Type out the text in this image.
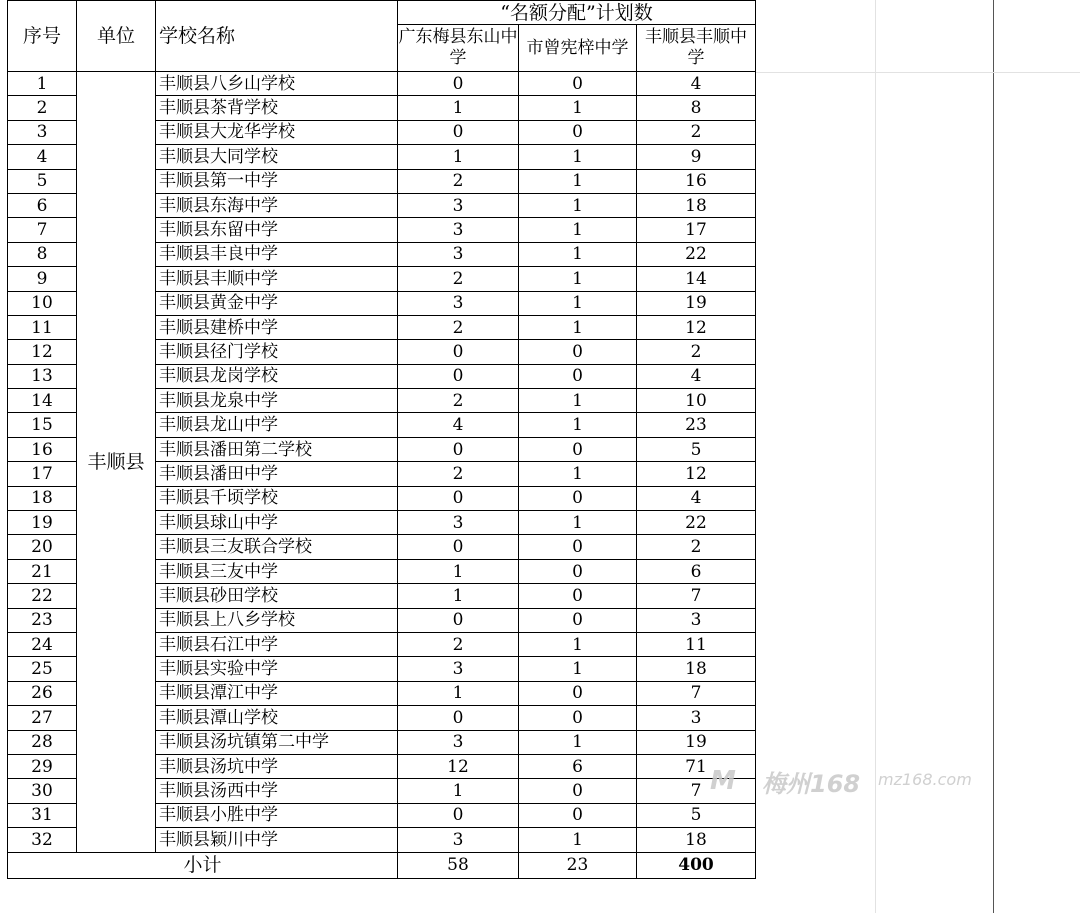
序号	单位	学校名称	“名额分配”计划数		
			广东梅县东山中学	市曾宪梓中学	丰顺县丰顺中学
1	丰顺县	丰顺县八乡山学校	0	0	4
2		丰顺县茶背学校	1	1	8
3		丰顺县大龙华学校	0	0	2
4		丰顺县大同学校	1	1	9
5		丰顺县第一中学	2	1	16
6		丰顺县东海中学	3	1	18
7		丰顺县东留中学	3	1	17
8		丰顺县丰良中学	3	1	22
9		丰顺县丰顺中学	2	1	14
10		丰顺县黄金中学	3	1	19
11		丰顺县建桥中学	2	1	12
12		丰顺县径门学校	0	0	2
13		丰顺县龙岗学校	0	0	4
14		丰顺县龙泉中学	2	1	10
15		丰顺县龙山中学	4	1	23
16		丰顺县潘田第二学校	0	0	5
17		丰顺县潘田中学	2	1	12
18		丰顺县千顷学校	0	0	4
19		丰顺县球山中学	3	1	22
20		丰顺县三友联合学校	0	0	2
21		丰顺县三友中学	1	0	6
22		丰顺县砂田学校	1	0	7
23		丰顺县上八乡学校	0	0	3
24		丰顺县石江中学	2	1	11
25		丰顺县实验中学	3	1	18
26		丰顺县潭江中学	1	0	7
27		丰顺县潭山学校	0	0	3
28		丰顺县汤坑镇第二中学	3	1	19
29		丰顺县汤坑中学	12	6	71
30		丰顺县汤西中学	1	0	7
31		丰顺县小胜中学	0	0	5
32		丰顺县颖川中学	3	1	18
小计			58	23	400
M 梅州168 mz168.com
